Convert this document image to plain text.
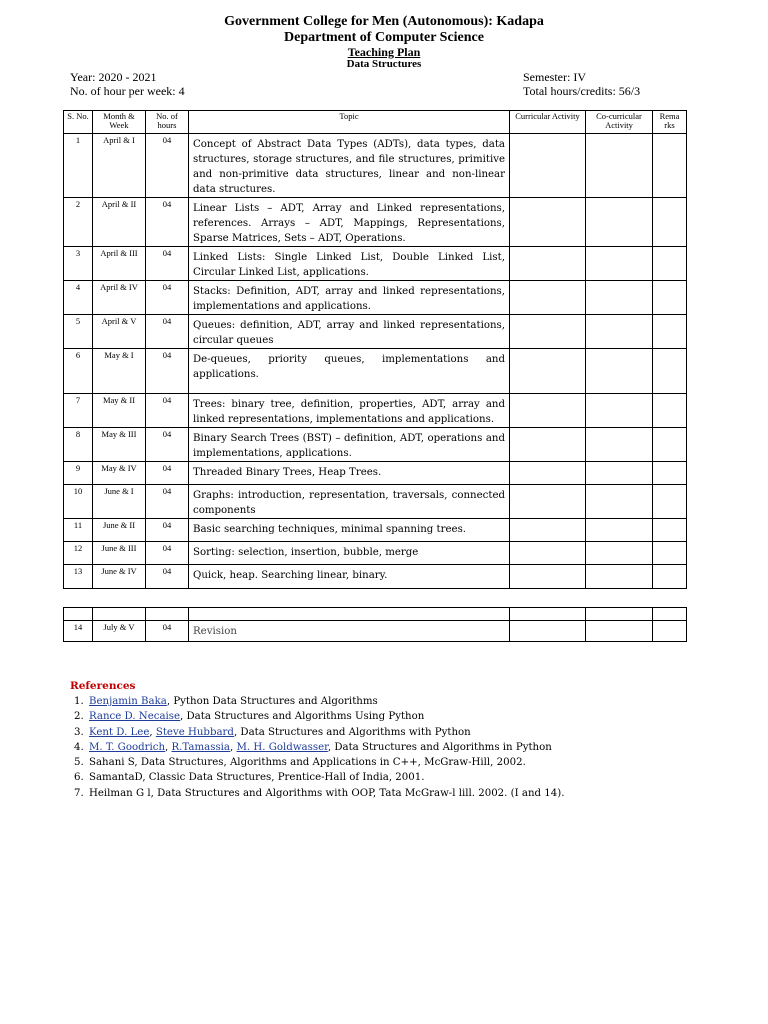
Government College for Men (Autonomous): Kadapa
Department of Computer Science
Teaching Plan
Data Structures
Year: 2020 - 2021
No. of hour per week: 4
Semester: IV
Total hours/credits: 56/3
S. No.	Month & Week	No. of hours	Topic	Curricular Activity	Co-curricular Activity	Rema rks
1	April & I	04	Concept of Abstract Data Types (ADTs), data types, data structures, storage structures, and file structures, primitive and non-primitive data structures, linear and non-linear data structures.			
2	April & II	04	Linear Lists – ADT, Array and Linked representations, references. Arrays – ADT, Mappings, Representations, Sparse Matrices, Sets – ADT, Operations.			
3	April & III	04	Linked Lists: Single Linked List, Double Linked List, Circular Linked List, applications.			
4	April & IV	04	Stacks: Definition, ADT, array and linked representations, implementations and applications.			
5	April & V	04	Queues: definition, ADT, array and linked representations, circular queues			
6	May & I	04	De-queues, priority queues, implementations and applications.			
7	May & II	04	Trees: binary tree, definition, properties, ADT, array and linked representations, implementations and applications.			
8	May & III	04	Binary Search Trees (BST) – definition, ADT, operations and implementations, applications.			
9	May & IV	04	Threaded Binary Trees, Heap Trees.			
10	June & I	04	Graphs: introduction, representation, traversals, connected components			
11	June & II	04	Basic searching techniques, minimal spanning trees.			
12	June & III	04	Sorting: selection, insertion, bubble, merge			
13	June & IV	04	Quick, heap. Searching linear, binary.			

14	July & V	04	Revision			
References
1. Benjamin Baka, Python Data Structures and Algorithms
2. Rance D. Necaise, Data Structures and Algorithms Using Python
3. Kent D. Lee, Steve Hubbard, Data Structures and Algorithms with Python
4. M. T. Goodrich, R.Tamassia, M. H. Goldwasser, Data Structures and Algorithms in Python
5. Sahani S, Data Structures, Algorithms and Applications in C++, McGraw-Hill, 2002.
6. SamantaD, Classic Data Structures, Prentice-Hall of India, 2001.
7. Heilman G l, Data Structures and Algorithms with OOP, Tata McGraw-l lill. 2002. (I and 14).
